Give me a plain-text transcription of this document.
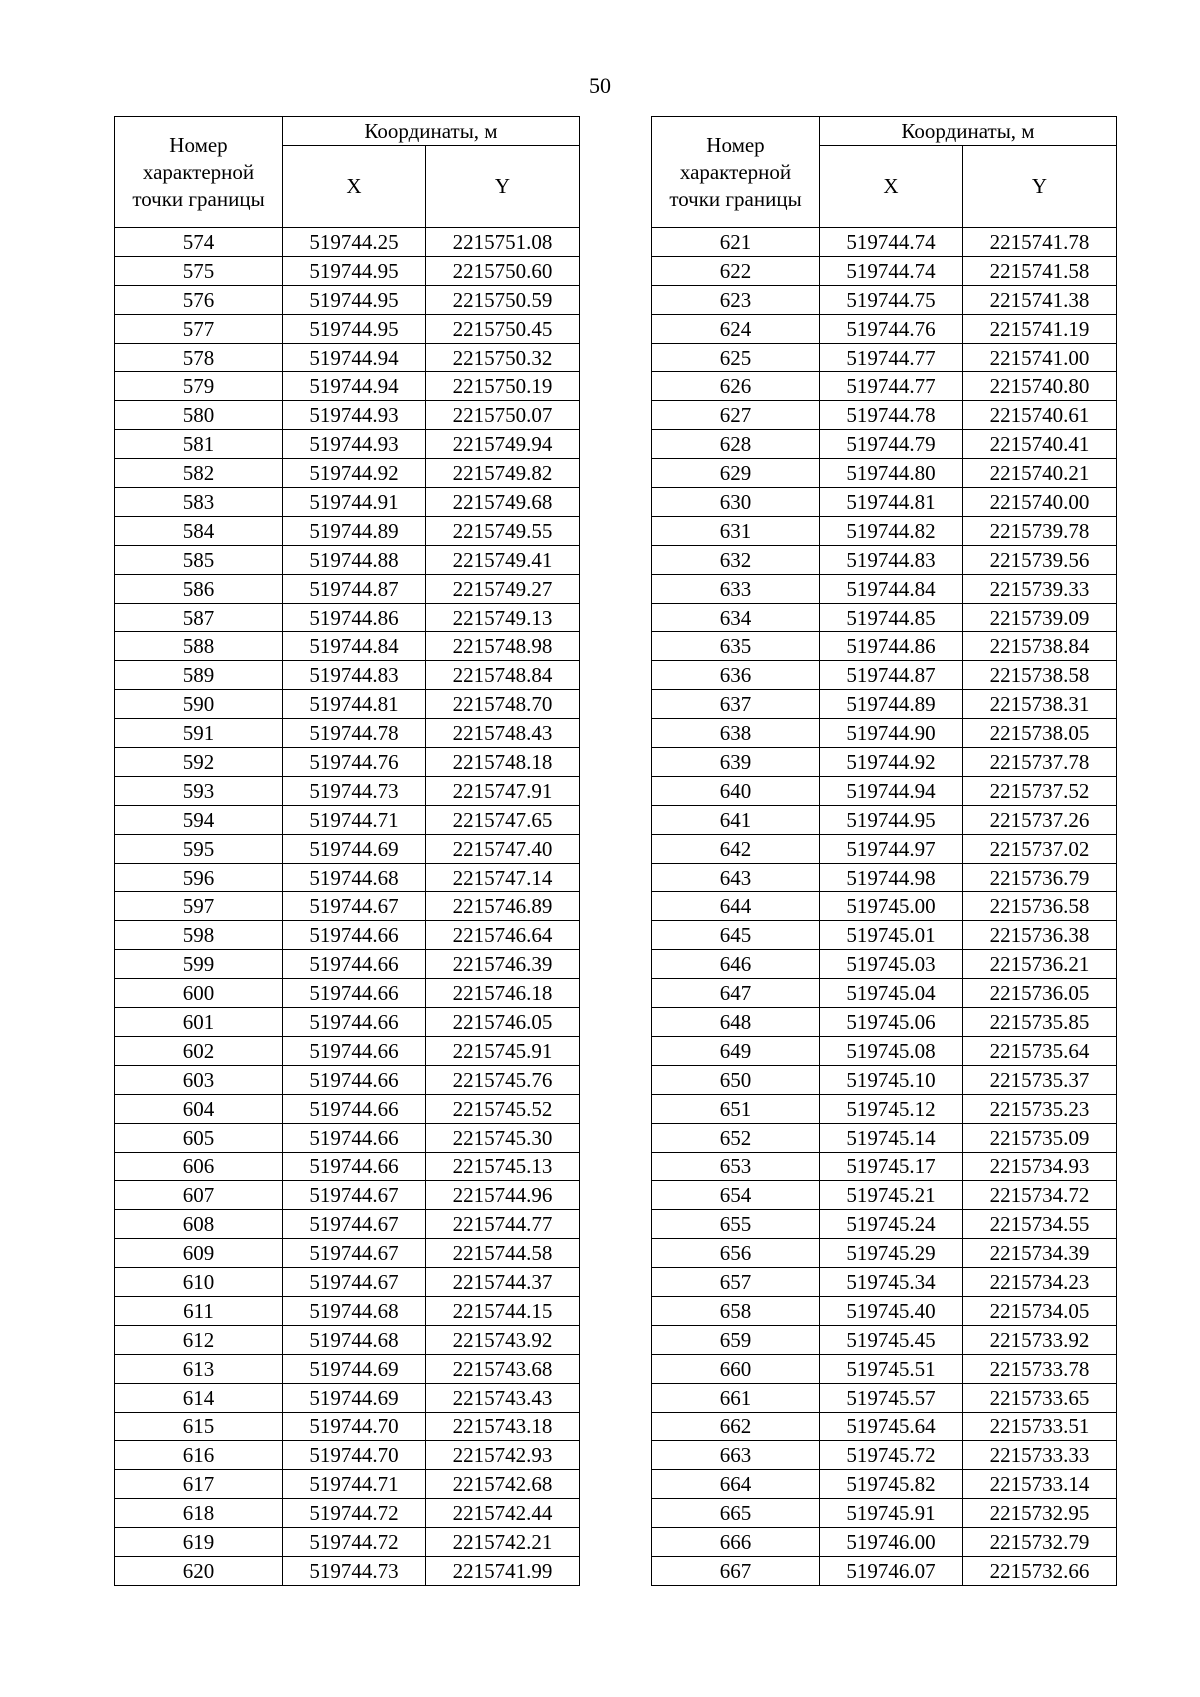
50
Номер характерной точки границы	Координаты, м	
	X	Y
574	519744.25	2215751.08
575	519744.95	2215750.60
576	519744.95	2215750.59
577	519744.95	2215750.45
578	519744.94	2215750.32
579	519744.94	2215750.19
580	519744.93	2215750.07
581	519744.93	2215749.94
582	519744.92	2215749.82
583	519744.91	2215749.68
584	519744.89	2215749.55
585	519744.88	2215749.41
586	519744.87	2215749.27
587	519744.86	2215749.13
588	519744.84	2215748.98
589	519744.83	2215748.84
590	519744.81	2215748.70
591	519744.78	2215748.43
592	519744.76	2215748.18
593	519744.73	2215747.91
594	519744.71	2215747.65
595	519744.69	2215747.40
596	519744.68	2215747.14
597	519744.67	2215746.89
598	519744.66	2215746.64
599	519744.66	2215746.39
600	519744.66	2215746.18
601	519744.66	2215746.05
602	519744.66	2215745.91
603	519744.66	2215745.76
604	519744.66	2215745.52
605	519744.66	2215745.30
606	519744.66	2215745.13
607	519744.67	2215744.96
608	519744.67	2215744.77
609	519744.67	2215744.58
610	519744.67	2215744.37
611	519744.68	2215744.15
612	519744.68	2215743.92
613	519744.69	2215743.68
614	519744.69	2215743.43
615	519744.70	2215743.18
616	519744.70	2215742.93
617	519744.71	2215742.68
618	519744.72	2215742.44
619	519744.72	2215742.21
620	519744.73	2215741.99
Номер характерной точки границы	Координаты, м	
	X	Y
621	519744.74	2215741.78
622	519744.74	2215741.58
623	519744.75	2215741.38
624	519744.76	2215741.19
625	519744.77	2215741.00
626	519744.77	2215740.80
627	519744.78	2215740.61
628	519744.79	2215740.41
629	519744.80	2215740.21
630	519744.81	2215740.00
631	519744.82	2215739.78
632	519744.83	2215739.56
633	519744.84	2215739.33
634	519744.85	2215739.09
635	519744.86	2215738.84
636	519744.87	2215738.58
637	519744.89	2215738.31
638	519744.90	2215738.05
639	519744.92	2215737.78
640	519744.94	2215737.52
641	519744.95	2215737.26
642	519744.97	2215737.02
643	519744.98	2215736.79
644	519745.00	2215736.58
645	519745.01	2215736.38
646	519745.03	2215736.21
647	519745.04	2215736.05
648	519745.06	2215735.85
649	519745.08	2215735.64
650	519745.10	2215735.37
651	519745.12	2215735.23
652	519745.14	2215735.09
653	519745.17	2215734.93
654	519745.21	2215734.72
655	519745.24	2215734.55
656	519745.29	2215734.39
657	519745.34	2215734.23
658	519745.40	2215734.05
659	519745.45	2215733.92
660	519745.51	2215733.78
661	519745.57	2215733.65
662	519745.64	2215733.51
663	519745.72	2215733.33
664	519745.82	2215733.14
665	519745.91	2215732.95
666	519746.00	2215732.79
667	519746.07	2215732.66
